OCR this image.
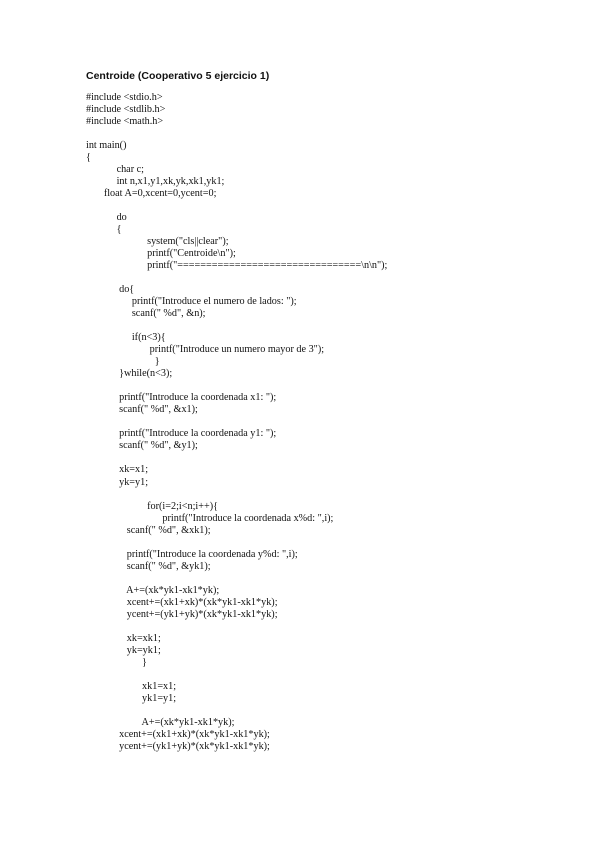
Centroide (Cooperativo 5 ejercicio 1)
#include <stdio.h>
#include <stdlib.h>
#include <math.h>
int main()
{
char c;
int n,x1,y1,xk,yk,xk1,yk1;
float A=0,xcent=0,ycent=0;
do
{
system("cls||clear");
printf("Centroide\n");
printf("================================\n\n");
do{
printf("Introduce el numero de lados: ");
scanf(" %d", &n);
if(n<3){
printf("Introduce un numero mayor de 3");
}
}while(n<3);
printf("Introduce la coordenada x1: ");
scanf(" %d", &x1);
printf("Introduce la coordenada y1: ");
scanf(" %d", &y1);
xk=x1;
yk=y1;
for(i=2;i<n;i++){
printf("Introduce la coordenada x%d: ",i);
scanf(" %d", &xk1);
printf("Introduce la coordenada y%d: ",i);
scanf(" %d", &yk1);
A+=(xk*yk1-xk1*yk);
xcent+=(xk1+xk)*(xk*yk1-xk1*yk);
ycent+=(yk1+yk)*(xk*yk1-xk1*yk);
xk=xk1;
yk=yk1;
}
xk1=x1;
yk1=y1;
A+=(xk*yk1-xk1*yk);
xcent+=(xk1+xk)*(xk*yk1-xk1*yk);
ycent+=(yk1+yk)*(xk*yk1-xk1*yk);
